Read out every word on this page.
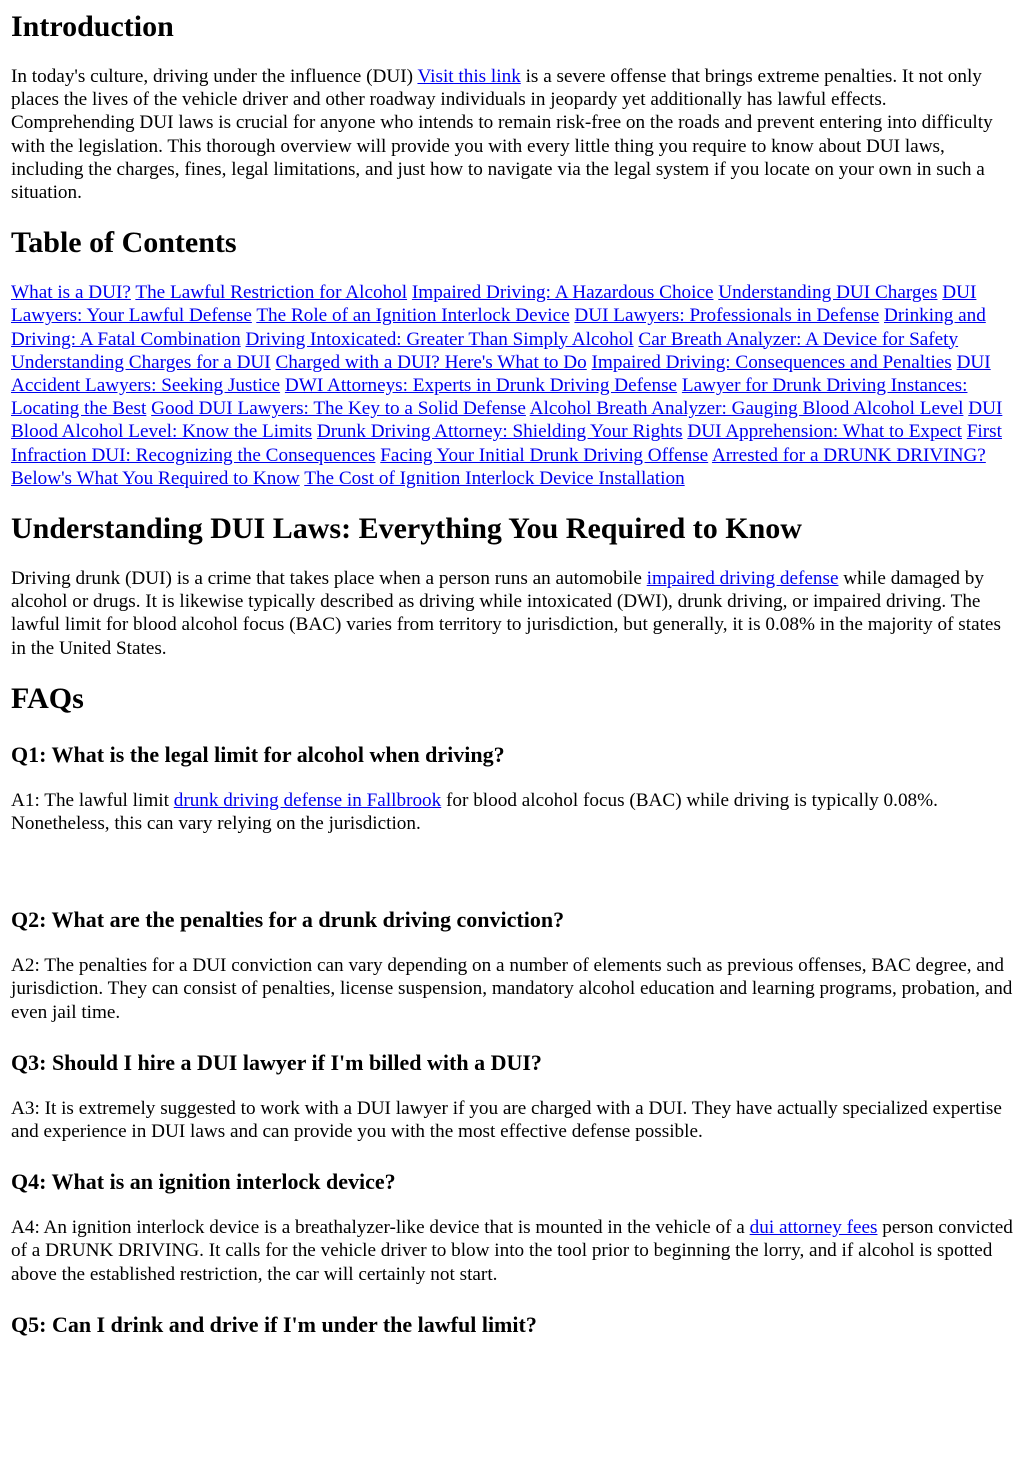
Introduction

In today's culture, driving under the influence (DUI) Visit this link is a severe offense that brings extreme penalties. It not only places the lives of the vehicle driver and other roadway individuals in jeopardy yet additionally has lawful effects. Comprehending DUI laws is crucial for anyone who intends to remain risk-free on the roads and prevent entering into difficulty with the legislation. This thorough overview will provide you with every little thing you require to know about DUI laws, including the charges, fines, legal limitations, and just how to navigate via the legal system if you locate on your own in such a situation.

Table of Contents

What is a DUI? The Lawful Restriction for Alcohol Impaired Driving: A Hazardous Choice Understanding DUI Charges DUI Lawyers: Your Lawful Defense The Role of an Ignition Interlock Device DUI Lawyers: Professionals in Defense Drinking and Driving: A Fatal Combination Driving Intoxicated: Greater Than Simply Alcohol Car Breath Analyzer: A Device for Safety Understanding Charges for a DUI Charged with a DUI? Here's What to Do Impaired Driving: Consequences and Penalties DUI Accident Lawyers: Seeking Justice DWI Attorneys: Experts in Drunk Driving Defense Lawyer for Drunk Driving Instances: Locating the Best Good DUI Lawyers: The Key to a Solid Defense Alcohol Breath Analyzer: Gauging Blood Alcohol Level DUI Blood Alcohol Level: Know the Limits Drunk Driving Attorney: Shielding Your Rights DUI Apprehension: What to Expect First Infraction DUI: Recognizing the Consequences Facing Your Initial Drunk Driving Offense Arrested for a DRUNK DRIVING? Below's What You Required to Know The Cost of Ignition Interlock Device Installation

Understanding DUI Laws: Everything You Required to Know

Driving drunk (DUI) is a crime that takes place when a person runs an automobile impaired driving defense while damaged by alcohol or drugs. It is likewise typically described as driving while intoxicated (DWI), drunk driving, or impaired driving. The lawful limit for blood alcohol focus (BAC) varies from territory to jurisdiction, but generally, it is 0.08% in the majority of states in the United States.

FAQs
Q1: What is the legal limit for alcohol when driving?

A1: The lawful limit drunk driving defense in Fallbrook for blood alcohol focus (BAC) while driving is typically 0.08%. Nonetheless, this can vary relying on the jurisdiction.

Q2: What are the penalties for a drunk driving conviction?

A2: The penalties for a DUI conviction can vary depending on a number of elements such as previous offenses, BAC degree, and jurisdiction. They can consist of penalties, license suspension, mandatory alcohol education and learning programs, probation, and even jail time.

Q3: Should I hire a DUI lawyer if I'm billed with a DUI?

A3: It is extremely suggested to work with a DUI lawyer if you are charged with a DUI. They have actually specialized expertise and experience in DUI laws and can provide you with the most effective defense possible.

Q4: What is an ignition interlock device?

A4: An ignition interlock device is a breathalyzer-like device that is mounted in the vehicle of a dui attorney fees person convicted of a DRUNK DRIVING. It calls for the vehicle driver to blow into the tool prior to beginning the lorry, and if alcohol is spotted above the established restriction, the car will certainly not start.

Q5: Can I drink and drive if I'm under the lawful limit?
